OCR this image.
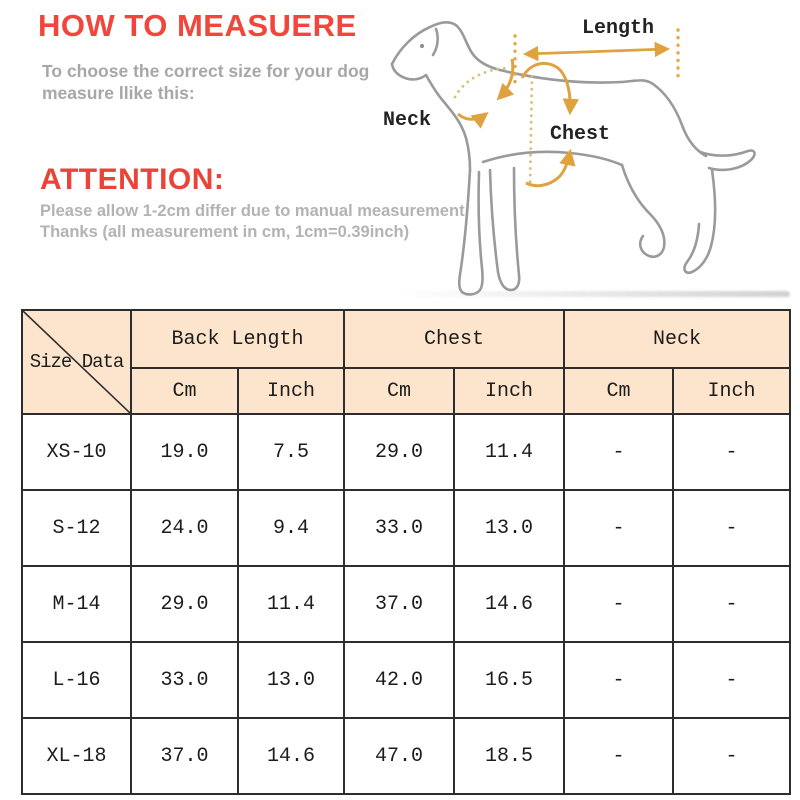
HOW TO MEASUERE
To choose the correct size for your dog
measure llike this:
ATTENTION:
Please allow 1-2cm differ due to manual measurement,
Thanks (all measurement in cm, 1cm=0.39inch)
Length
Neck
Chest
Size Data	Back Length		Chest		Neck	
	Cm	Inch	Cm	Inch	Cm	Inch
XS-10	19.0	7.5	29.0	11.4	-	-
S-12	24.0	9.4	33.0	13.0	-	-
M-14	29.0	11.4	37.0	14.6	-	-
L-16	33.0	13.0	42.0	16.5	-	-
XL-18	37.0	14.6	47.0	18.5	-	-
